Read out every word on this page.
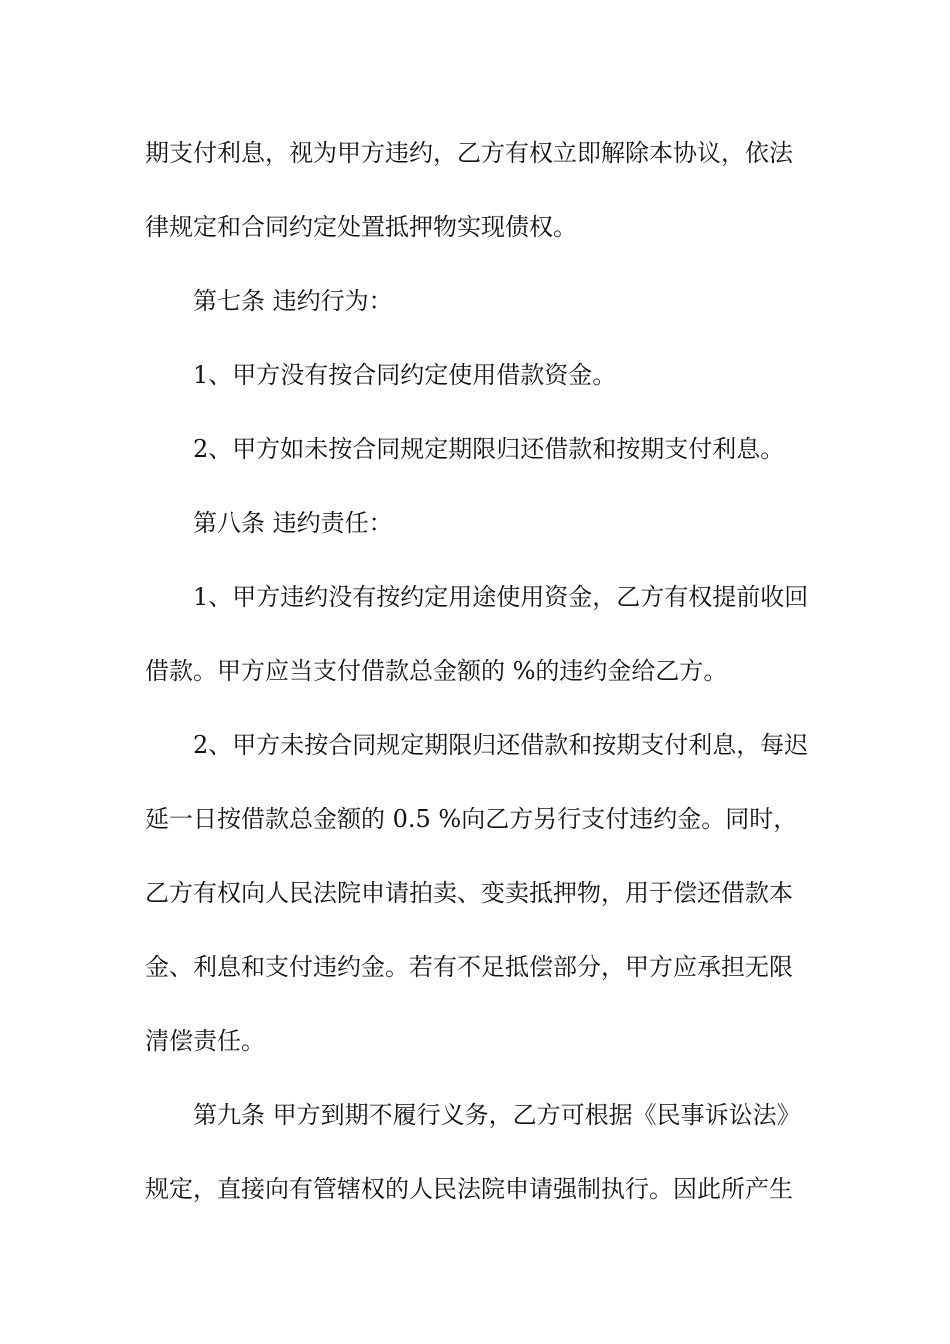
期支付利息，视为甲方违约，乙方有权立即解除本协议，依法
律规定和合同约定处置抵押物实现债权。
第七条 违约行为：
1、甲方没有按合同约定使用借款资金。
2、甲方如未按合同规定期限归还借款和按期支付利息。
第八条 违约责任：
1、甲方违约没有按约定用途使用资金，乙方有权提前收回
借款。甲方应当支付借款总金额的 %的违约金给乙方。
2、甲方未按合同规定期限归还借款和按期支付利息，每迟
延一日按借款总金额的 0.5 %向乙方另行支付违约金。同时，
乙方有权向人民法院申请拍卖、变卖抵押物，用于偿还借款本
金、利息和支付违约金。若有不足抵偿部分，甲方应承担无限
清偿责任。
第九条 甲方到期不履行义务，乙方可根据《民事诉讼法》
规定，直接向有管辖权的人民法院申请强制执行。因此所产生
